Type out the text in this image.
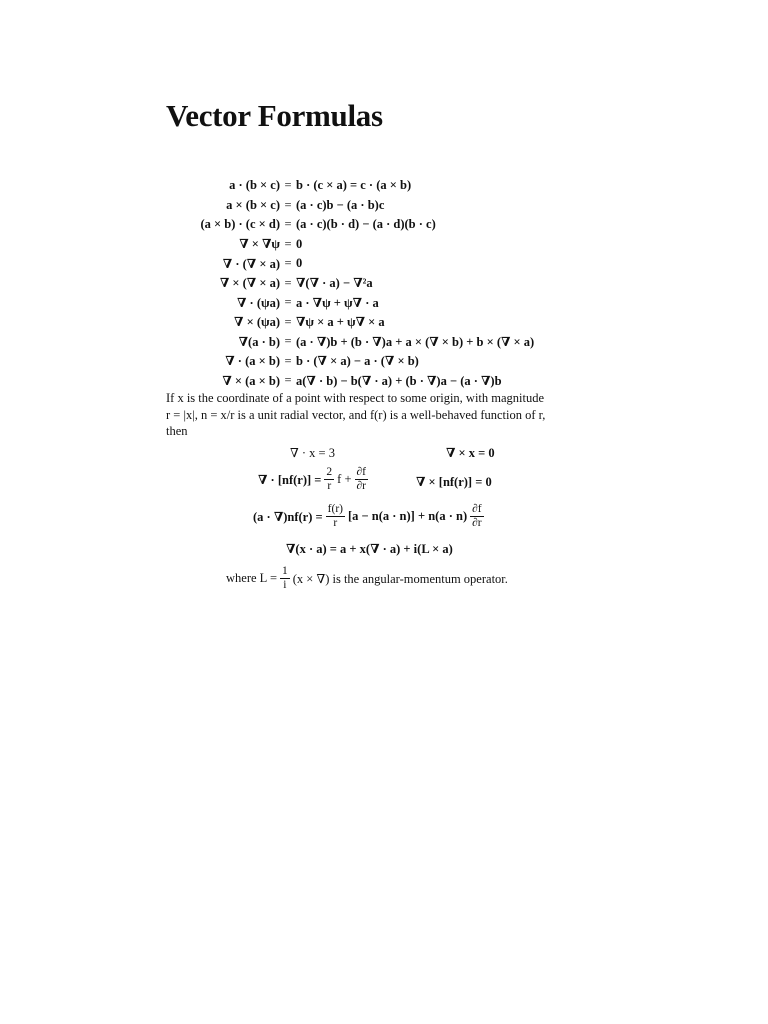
Vector Formulas
a · (b × c) = b · (c × a) = c · (a × b)
a × (b × c) = (a · c)b − (a · b)c
(a × b) · (c × d) = (a · c)(b · d) − (a · d)(b · c)
∇ × ∇ψ = 0
∇ · (∇ × a) = 0
∇ × (∇ × a) = ∇(∇ · a) − ∇²a
∇ · (ψa) = a · ∇ψ + ψ∇ · a
∇ × (ψa) = ∇ψ × a + ψ∇ × a
∇(a · b) = (a · ∇)b + (b · ∇)a + a × (∇ × b) + b × (∇ × a)
∇ · (a × b) = b · (∇ × a) − a · (∇ × b)
∇ × (a × b) = a(∇ · b) − b(∇ · a) + (b · ∇)a − (a · ∇)b

If x is the coordinate of a point with respect to some origin, with magnitude
r = |x|, n = x/r is a unit radial vector, and f(r) is a well-behaved function of r,
then

∇ · x = 3	∇ × x = 0
∇ · $[nf(r)] = \frac{2}{r}$ $f + \frac{\partial f}{\partial r}$	∇ × [nf(r)] = 0
$(a \cdot \nabla)nf(r) = \frac{f(r)}{r} [a - n(a \cdot n)] + n(a \cdot n) \frac{\partial f}{\partial r}$
∇(x · a) = a + x(∇ · a) + i(L × a)
where $L = \frac{1}{i} (x$ × ∇) is the angular-momentum operator.
